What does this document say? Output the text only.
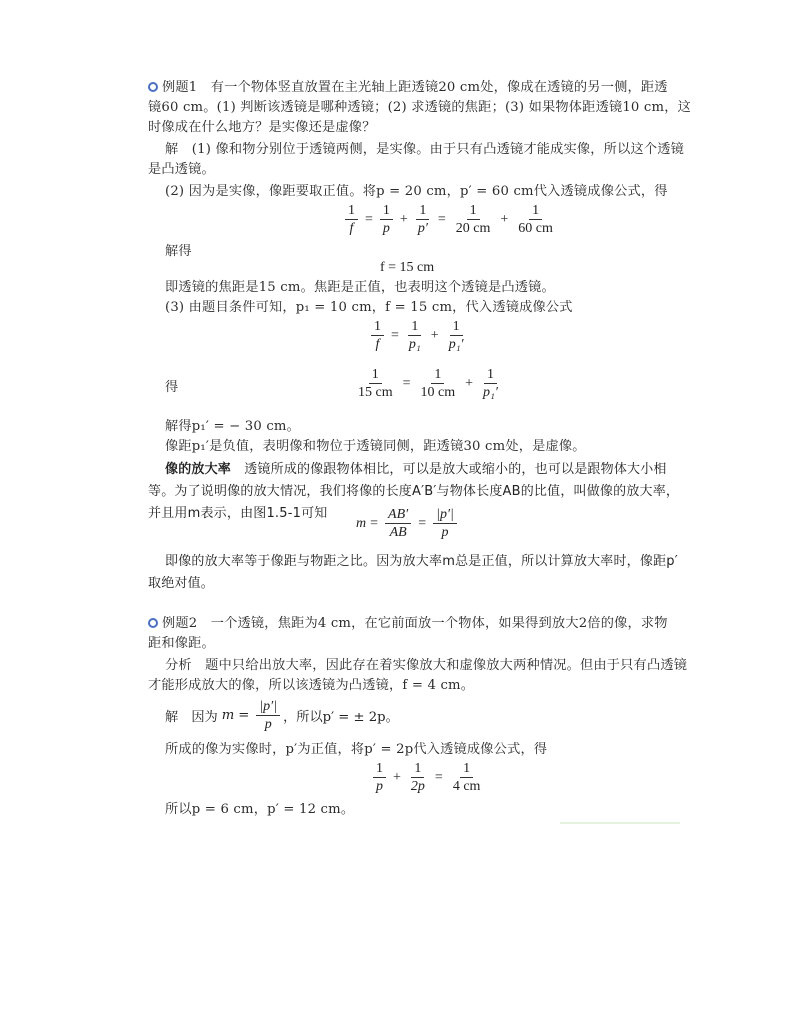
例题1　有一个物体竖直放置在主光轴上距透镜20 cm处，像成在透镜的另一侧，距透
镜60 cm。(1) 判断该透镜是哪种透镜；(2) 求透镜的焦距；(3) 如果物体距透镜10 cm，这
时像成在什么地方？是实像还是虚像？
解　(1) 像和物分别位于透镜两侧，是实像。由于只有凸透镜才能成实像，所以这个透镜
是凸透镜。
(2) 因为是实像，像距要取正值。将p = 20 cm，p′ = 60 cm代入透镜成像公式，得
$\frac{1}{f} = \frac{1}{p} + \frac{1}{p'} = \frac{1}{20 cm} + \frac{1}{60 cm}$
解得
f = 15 cm
即透镜的焦距是15 cm。焦距是正值，也表明这个透镜是凸透镜。
(3) 由题目条件可知，p₁ = 10 cm，f = 15 cm，代入透镜成像公式
$\frac{1}{f} = \frac{1}{\text{p₁}} + \frac{1}{\text{p₁′}}$
得	$\frac{1}{15 cm} = \frac{1}{10 cm} + \frac{1}{\text{p₁′}}$
解得p₁′ = − 30 cm。
像距p₁′是负值，表明像和物位于透镜同侧，距透镜30 cm处，是虚像。
像的放大率　透镜所成的像跟物体相比，可以是放大或缩小的，也可以是跟物体大小相
等。为了说明像的放大情况，我们将像的长度A′B′与物体长度AB的比值，叫做像的放大率，
并且用m表示，由图1.5-1可知
$m = \frac{AB'}{AB} = \frac{|p'|}{p}$
即像的放大率等于像距与物距之比。因为放大率m总是正值，所以计算放大率时，像距p′
取绝对值。
例题2　一个透镜，焦距为4 cm，在它前面放一个物体，如果得到放大2倍的像，求物
距和像距。
分析　题中只给出放大率，因此存在着实像放大和虚像放大两种情况。但由于只有凸透镜
才能形成放大的像，所以该透镜为凸透镜，f = 4 cm。
解　因为 $m = \frac{|p'|}{p}$ ，所以p′ = ± 2p。
所成的像为实像时，p′为正值，将p′ = 2p代入透镜成像公式，得
$\frac{1}{p} + \frac{1}{2p} = \frac{1}{4 cm}$
所以p = 6 cm，p′ = 12 cm。
